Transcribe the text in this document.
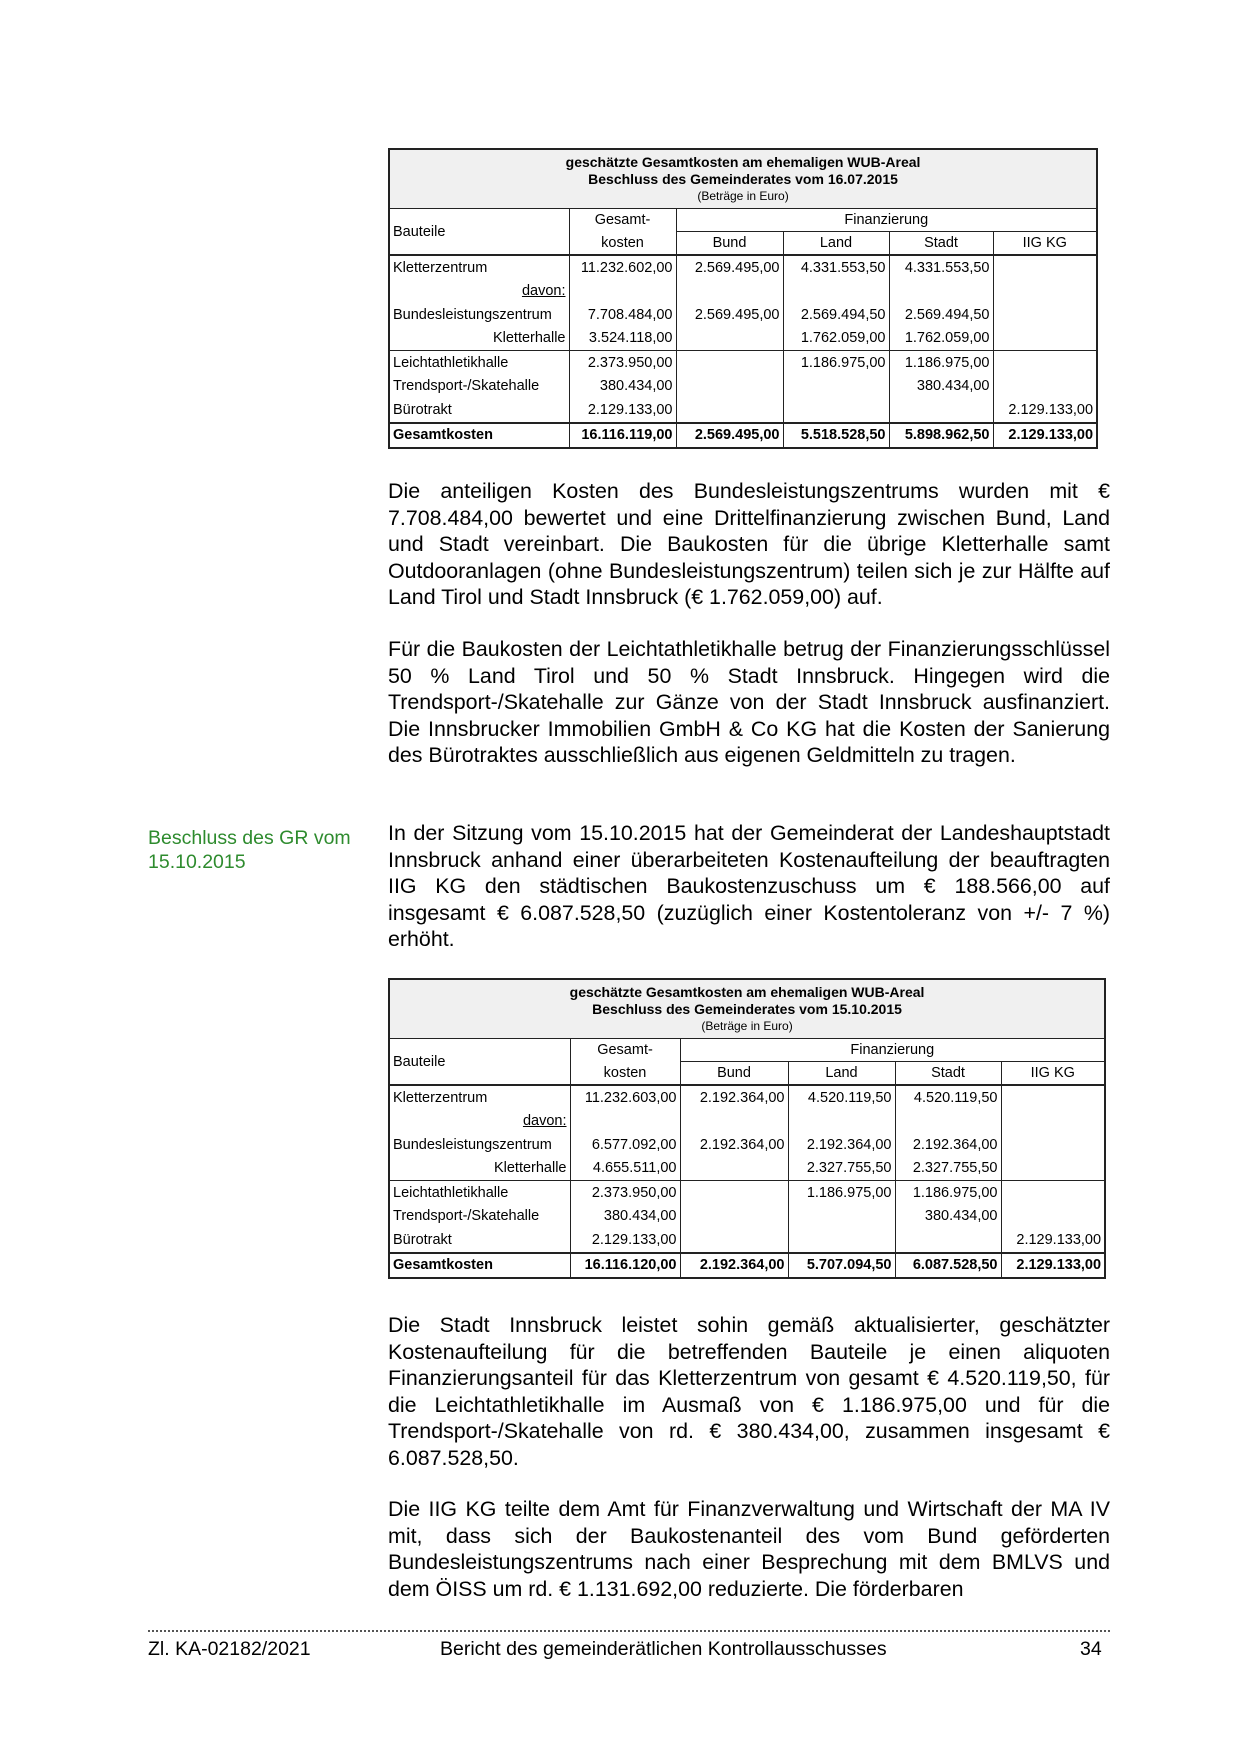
geschätzte Gesamtkosten am ehemaligen WUB-Areal
Beschluss des Gemeinderates vom 16.07.2015
(Beträge in Euro)					

Bauteile	Gesamt-	Finanzierung			
	kosten	Bund	Land	Stadt	IIG KG
Kletterzentrum	11.232.602,00	2.569.495,00	4.331.553,50	4.331.553,50	
davon:					
Bundesleistungszentrum	7.708.484,00	2.569.495,00	2.569.494,50	2.569.494,50	
Kletterhalle	3.524.118,00		1.762.059,00	1.762.059,00	
Leichtathletikhalle	2.373.950,00		1.186.975,00	1.186.975,00	
Trendsport-/Skatehalle	380.434,00			380.434,00	
Bürotrakt	2.129.133,00				2.129.133,00
Gesamtkosten	16.116.119,00	2.569.495,00	5.518.528,50	5.898.962,50	2.129.133,00

Die anteiligen Kosten des Bundesleistungszentrums wurden mit € 7.708.484,00 bewertet und eine Drittelfinanzierung zwischen Bund, Land und Stadt vereinbart. Die Baukosten für die übrige Kletterhalle samt Outdooranlagen (ohne Bundesleistungszentrum) teilen sich je zur Hälfte auf Land Tirol und Stadt Innsbruck (€ 1.762.059,00) auf.

Für die Baukosten der Leichtathletikhalle betrug der Finanzierungsschlüssel 50 % Land Tirol und 50 % Stadt Innsbruck. Hingegen wird die Trendsport-/Skatehalle zur Gänze von der Stadt Innsbruck ausfinanziert. Die Innsbrucker Immobilien GmbH & Co KG hat die Kosten der Sanierung des Bürotraktes ausschließlich aus eigenen Geldmitteln zu tragen.

Beschluss des GR vom 15.10.2015

In der Sitzung vom 15.10.2015 hat der Gemeinderat der Landeshauptstadt Innsbruck anhand einer überarbeiteten Kostenaufteilung der beauftragten IIG KG den städtischen Baukostenzuschuss um € 188.566,00 auf insgesamt € 6.087.528,50 (zuzüglich einer Kostentoleranz von +/- 7 %) erhöht.

geschätzte Gesamtkosten am ehemaligen WUB-Areal
Beschluss des Gemeinderates vom 15.10.2015
(Beträge in Euro)					

Bauteile	Gesamt-	Finanzierung			
	kosten	Bund	Land	Stadt	IIG KG
Kletterzentrum	11.232.603,00	2.192.364,00	4.520.119,50	4.520.119,50	
davon:					
Bundesleistungszentrum	6.577.092,00	2.192.364,00	2.192.364,00	2.192.364,00	
Kletterhalle	4.655.511,00		2.327.755,50	2.327.755,50	
Leichtathletikhalle	2.373.950,00		1.186.975,00	1.186.975,00	
Trendsport-/Skatehalle	380.434,00			380.434,00	
Bürotrakt	2.129.133,00				2.129.133,00
Gesamtkosten	16.116.120,00	2.192.364,00	5.707.094,50	6.087.528,50	2.129.133,00

Die Stadt Innsbruck leistet sohin gemäß aktualisierter, geschätzter Kostenaufteilung für die betreffenden Bauteile je einen aliquoten Finanzierungsanteil für das Kletterzentrum von gesamt € 4.520.119,50, für die Leichtathletikhalle im Ausmaß von € 1.186.975,00 und für die Trendsport-/Skatehalle von rd. € 380.434,00, zusammen insgesamt € 6.087.528,50.

Die IIG KG teilte dem Amt für Finanzverwaltung und Wirtschaft der MA IV mit, dass sich der Baukostenanteil des vom Bund geförderten Bundesleistungszentrums nach einer Besprechung mit dem BMLVS und dem ÖISS um rd. € 1.131.692,00 reduzierte. Die förderbaren

Zl. KA-02182/2021	Bericht des gemeinderätlichen Kontrollausschusses	34
